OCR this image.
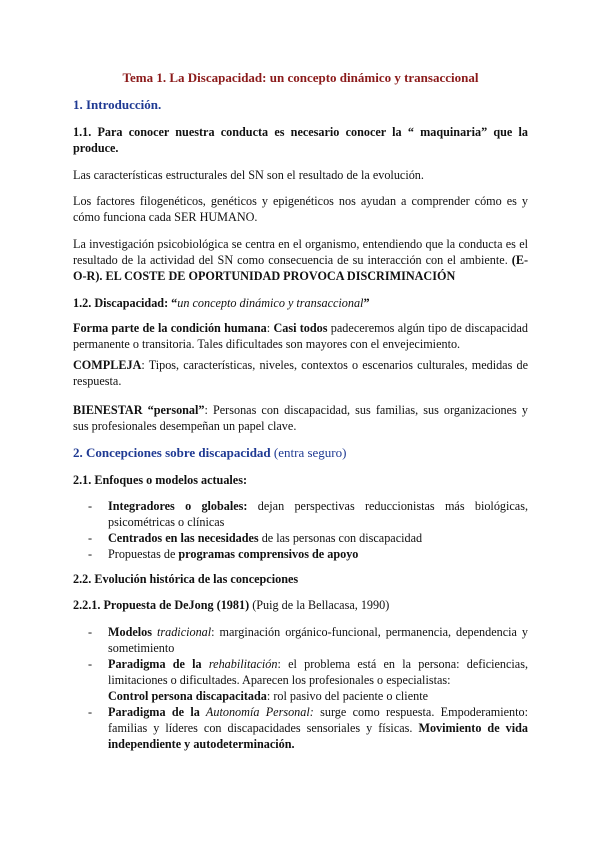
Tema 1. La Discapacidad: un concepto dinámico y transaccional
1. Introducción.
1.1. Para conocer nuestra conducta es necesario conocer la “ maquinaria” que la produce.
Las características estructurales del SN son el resultado de la evolución.
Los factores filogenéticos, genéticos y epigenéticos nos ayudan a comprender cómo es y cómo funciona cada SER HUMANO.
La investigación psicobiológica se centra en el organismo, entendiendo que la conducta es el resultado de la actividad del SN como consecuencia de su interacción con el ambiente. (E-O-R). EL COSTE DE OPORTUNIDAD PROVOCA DISCRIMINACIÓN
1.2. Discapacidad: “un concepto dinámico y transaccional”
Forma parte de la condición humana: Casi todos padeceremos algún tipo de discapacidad permanente o transitoria. Tales dificultades son mayores con el envejecimiento.
COMPLEJA: Tipos, características, niveles, contextos o escenarios culturales, medidas de respuesta.
BIENESTAR “personal”: Personas con discapacidad, sus familias, sus organizaciones y sus profesionales desempeñan un papel clave.
2. Concepciones sobre discapacidad (entra seguro)
2.1. Enfoques o modelos actuales:
- Integradores o globales: dejan perspectivas reduccionistas más biológicas, psicométricas o clínicas
- Centrados en las necesidades de las personas con discapacidad
- Propuestas de programas comprensivos de apoyo
2.2. Evolución histórica de las concepciones
2.2.1. Propuesta de DeJong (1981) (Puig de la Bellacasa, 1990)
- Modelos tradicional: marginación orgánico-funcional, permanencia, dependencia y sometimiento
- Paradigma de la rehabilitación: el problema está en la persona: deficiencias, limitaciones o dificultades. Aparecen los profesionales o especialistas:
Control persona discapacitada: rol pasivo del paciente o cliente
- Paradigma de la Autonomía Personal: surge como respuesta. Empoderamiento: familias y líderes con discapacidades sensoriales y físicas. Movimiento de vida independiente y autodeterminación.
